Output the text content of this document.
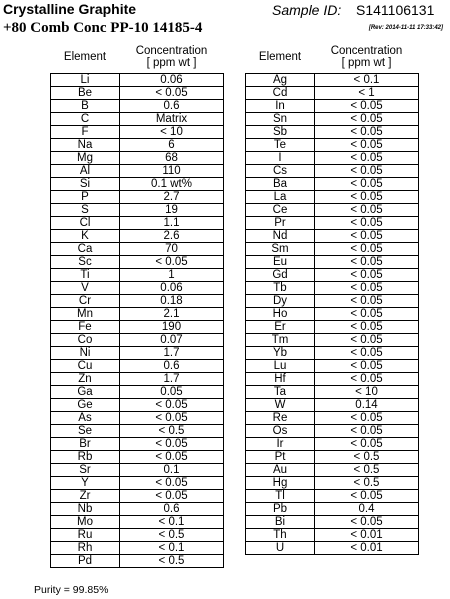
Crystalline Graphite
+80 Comb Conc PP-10 14185-4
Sample ID: S141106131
[Rev: 2014-11-11 17:33:42]
Element	Concentration
[ ppm wt ]
Li	0.06
Be	< 0.05
B	0.6
C	Matrix
F	< 10
Na	6
Mg	68
Al	110
Si	0.1 wt%
P	2.7
S	19
Cl	1.1
K	2.6
Ca	70
Sc	< 0.05
Ti	1
V	0.06
Cr	0.18
Mn	2.1
Fe	190
Co	0.07
Ni	1.7
Cu	0.6
Zn	1.7
Ga	0.05
Ge	< 0.05
As	< 0.05
Se	< 0.5
Br	< 0.05
Rb	< 0.05
Sr	0.1
Y	< 0.05
Zr	< 0.05
Nb	0.6
Mo	< 0.1
Ru	< 0.5
Rh	< 0.1
Pd	< 0.5
Element	Concentration
[ ppm wt ]
Ag	< 0.1
Cd	< 1
In	< 0.05
Sn	< 0.05
Sb	< 0.05
Te	< 0.05
I	< 0.05
Cs	< 0.05
Ba	< 0.05
La	< 0.05
Ce	< 0.05
Pr	< 0.05
Nd	< 0.05
Sm	< 0.05
Eu	< 0.05
Gd	< 0.05
Tb	< 0.05
Dy	< 0.05
Ho	< 0.05
Er	< 0.05
Tm	< 0.05
Yb	< 0.05
Lu	< 0.05
Hf	< 0.05
Ta	< 10
W	0.14
Re	< 0.05
Os	< 0.05
Ir	< 0.05
Pt	< 0.5
Au	< 0.5
Hg	< 0.5
Tl	< 0.05
Pb	0.4
Bi	< 0.05
Th	< 0.01
U	< 0.01
Purity = 99.85%
